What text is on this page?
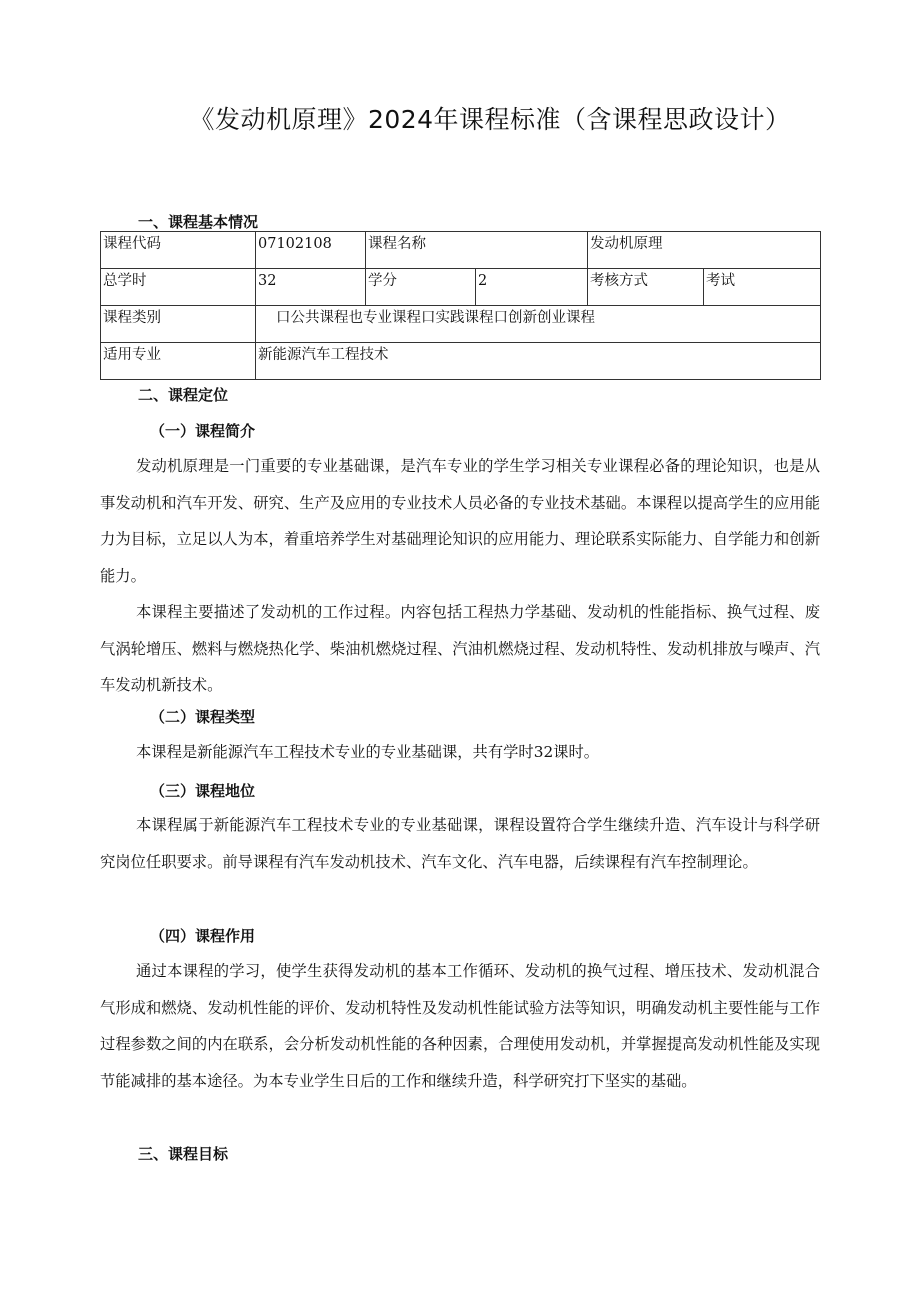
《发动机原理》2024年课程标准（含课程思政设计）
一、课程基本情况
课程代码	07102108	课程名称		发动机原理	
总学时	32	学分	2	考核方式	考试
课程类别	口公共课程也专业课程口实践课程口创新创业课程				
适用专业	新能源汽车工程技术				
二、课程定位
（一）课程简介

发动机原理是一门重要的专业基础课，是汽车专业的学生学习相关专业课程必备的理论知识，也是从事发动机和汽车开发、研究、生产及应用的专业技术人员必备的专业技术基础。本课程以提高学生的应用能力为目标，立足以人为本，着重培养学生对基础理论知识的应用能力、理论联系实际能力、自学能力和创新能力。

本课程主要描述了发动机的工作过程。内容包括工程热力学基础、发动机的性能指标、换气过程、废气涡轮增压、燃料与燃烧热化学、柴油机燃烧过程、汽油机燃烧过程、发动机特性、发动机排放与噪声、汽车发动机新技术。

（二）课程类型

本课程是新能源汽车工程技术专业的专业基础课，共有学时32课时。

（三）课程地位

本课程属于新能源汽车工程技术专业的专业基础课，课程设置符合学生继续升造、汽车设计与科学研究岗位任职要求。前导课程有汽车发动机技术、汽车文化、汽车电器，后续课程有汽车控制理论。

（四）课程作用

通过本课程的学习，使学生获得发动机的基本工作循环、发动机的换气过程、增压技术、发动机混合气形成和燃烧、发动机性能的评价、发动机特性及发动机性能试验方法等知识，明确发动机主要性能与工作过程参数之间的内在联系，会分析发动机性能的各种因素，合理使用发动机，并掌握提高发动机性能及实现节能减排的基本途径。为本专业学生日后的工作和继续升造，科学研究打下坚实的基础。

三、课程目标
